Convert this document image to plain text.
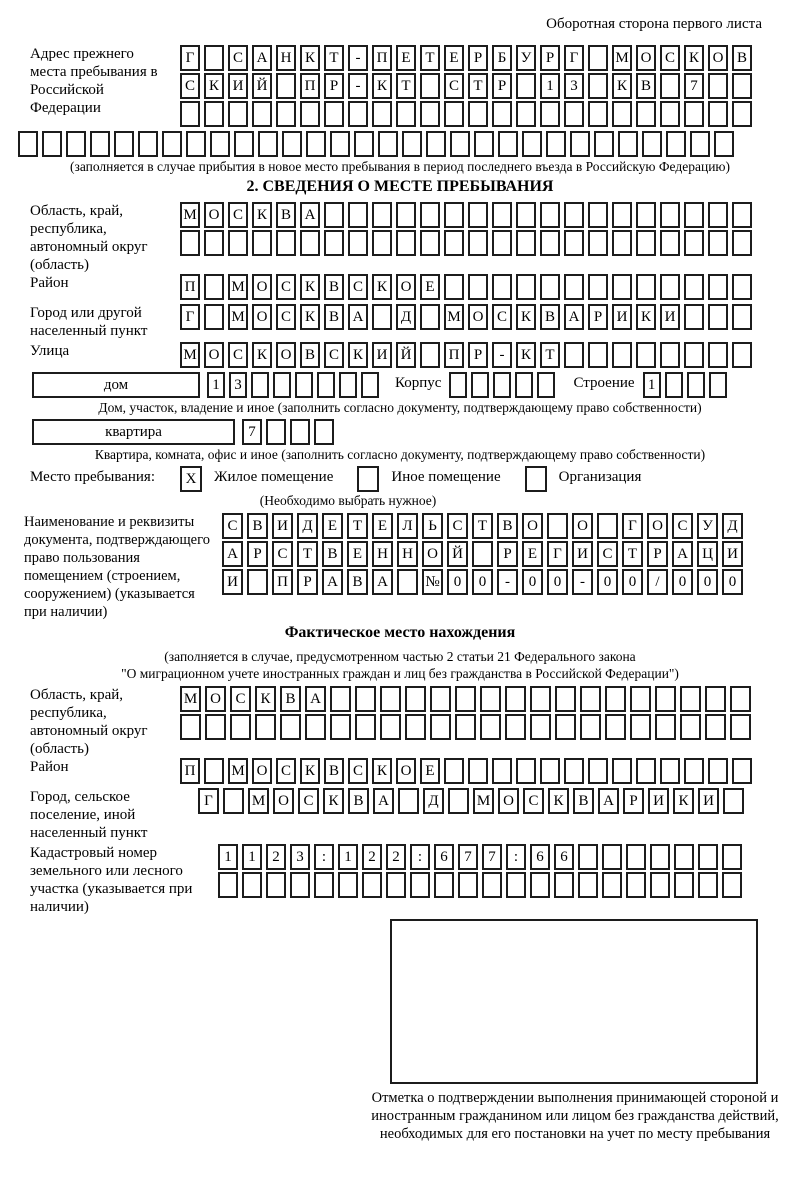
Оборотная сторона первого листа
Адрес прежнего места пребывания в Российской Федерации
Г	С А Н К Т	-	П Е Т Е	Р	Б У Р	Г	М О С К О В
С К И Й	П Р	-	К Т	С Т	Р	1	3	К В	7
(заполняется в случае прибытия в новое место пребывания в период последнего въезда в Российскую Федерацию)
2. СВЕДЕНИЯ О МЕСТЕ ПРЕБЫВАНИЯ
Область, край, республика, автономный округ (область)
М О С К В А
Район	П	М О С К В С К О Е
Город или другой населенный пункт
Г	М О С К В А	Д	М О С К В А Р И К И
Улица	М О С К О В С К И Й	П Р	-	К Т
дом	1 3	Корпус	Строение 1
Дом, участок, владение и иное (заполнить согласно документу, подтверждающему право собственности)
квартира	7
Квартира, комната, офис и иное (заполнить согласно документу, подтверждающему право собственности)
Место пребывания:	X	Жилое помещение	Иное помещение	Организация
(Необходимо выбрать нужное)
Наименование и реквизиты документа, подтверждающего право пользования помещением (строением, сооружением) (указывается при наличии)
С В И Д	Е	Т	Е	Л	Ь	С	Т	В О	О	Г	О С У Д
А	Р	С	Т	В	Е	Н Н О Й	Р	Е	Г	И С	Т	Р	А Ц И
И	П	Р	А В А	№ 0	0	-	0	0	-	0	0	/	0	0	0
Фактическое место нахождения
(заполняется в случае, предусмотренном частью 2 статьи 21 Федерального закона
"О миграционном учете иностранных граждан и лиц без гражданства в Российской Федерации")
Область, край, республика, автономный округ (область)
М О С К В А
Район	П	М О С К В С К О Е
Город, сельское поселение, иной населенный пункт
Г	М О С К В А	Д	М О С К В А	Р	И К И
Кадастровый номер земельного или лесного участка (указывается при наличии)
1	1	2	3	:	1	2	2	:	6	7	7	:	6	6
Отметка о подтверждении выполнения принимающей стороной и иностранным гражданином или лицом без гражданства действий, необходимых для его постановки на учет по месту пребывания
